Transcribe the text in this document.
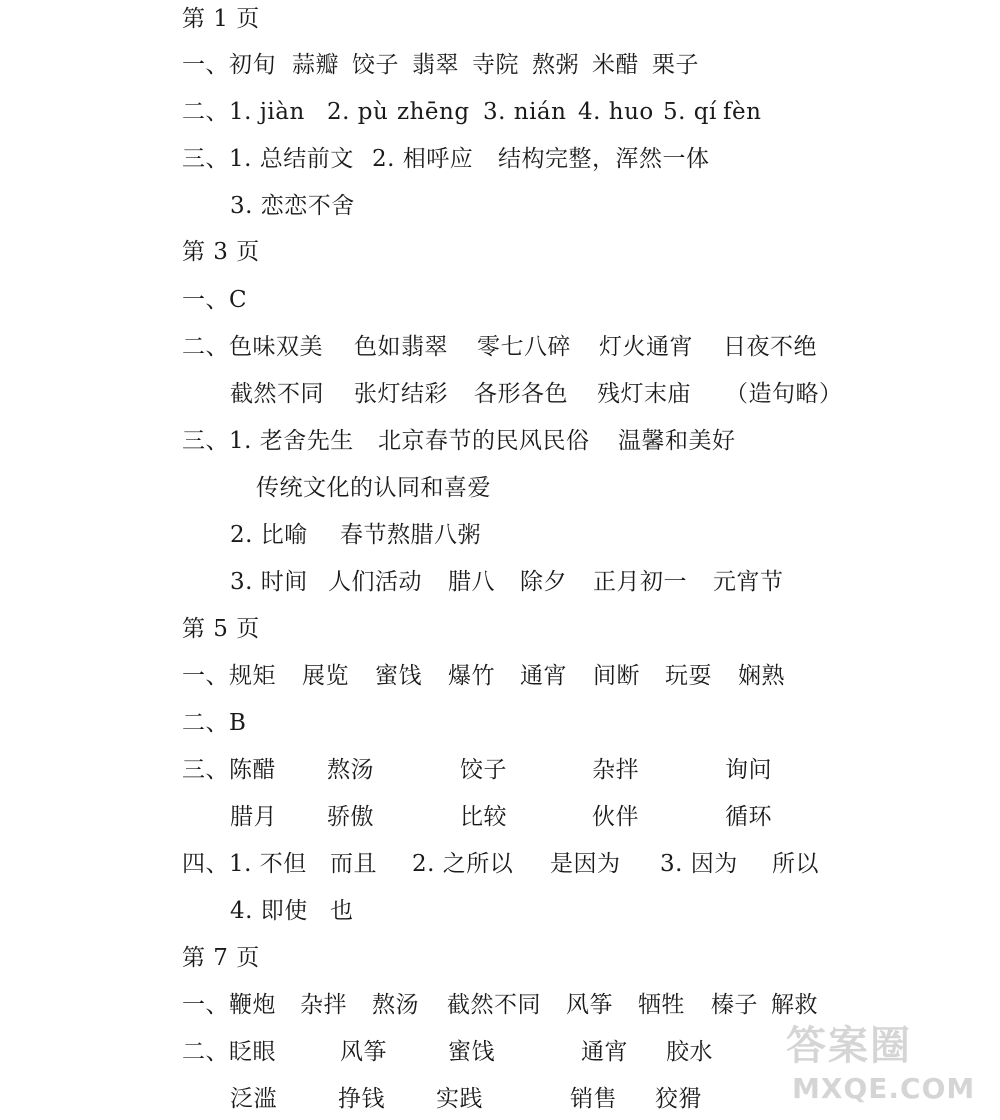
第 1 页
一、初旬 蒜瓣 饺子 翡翠 寺院 熬粥 米醋 栗子
二、1. jiàn 2. pù zhēng 3. nián 4. huo 5. qí fèn
三、1. 总结前文 2. 相呼应 结构完整，浑然一体
3. 恋恋不舍
第 3 页
一、C
二、色味双美 色如翡翠 零七八碎 灯火通宵 日夜不绝
截然不同 张灯结彩 各形各色 残灯末庙 （造句略）
三、1. 老舍先生 北京春节的民风民俗 温馨和美好
传统文化的认同和喜爱
2. 比喻 春节熬腊八粥
3. 时间 人们活动 腊八 除夕 正月初一 元宵节
第 5 页
一、规矩 展览 蜜饯 爆竹 通宵 间断 玩耍 娴熟
二、B
三、陈醋 熬汤	饺子	杂拌	询问
腊月 骄傲	比较	伙伴	循环
四、1. 不但 而且 2. 之所以 是因为 3. 因为 所以
4. 即使 也
第 7 页
一、鞭炮 杂拌 熬汤 截然不同 风筝 牺牲 榛子 解救
二、眨眼	风筝	蜜饯	通宵 胶水
泛滥	挣钱 实践	销售 狡猾
答案圈
MXQE.COM
